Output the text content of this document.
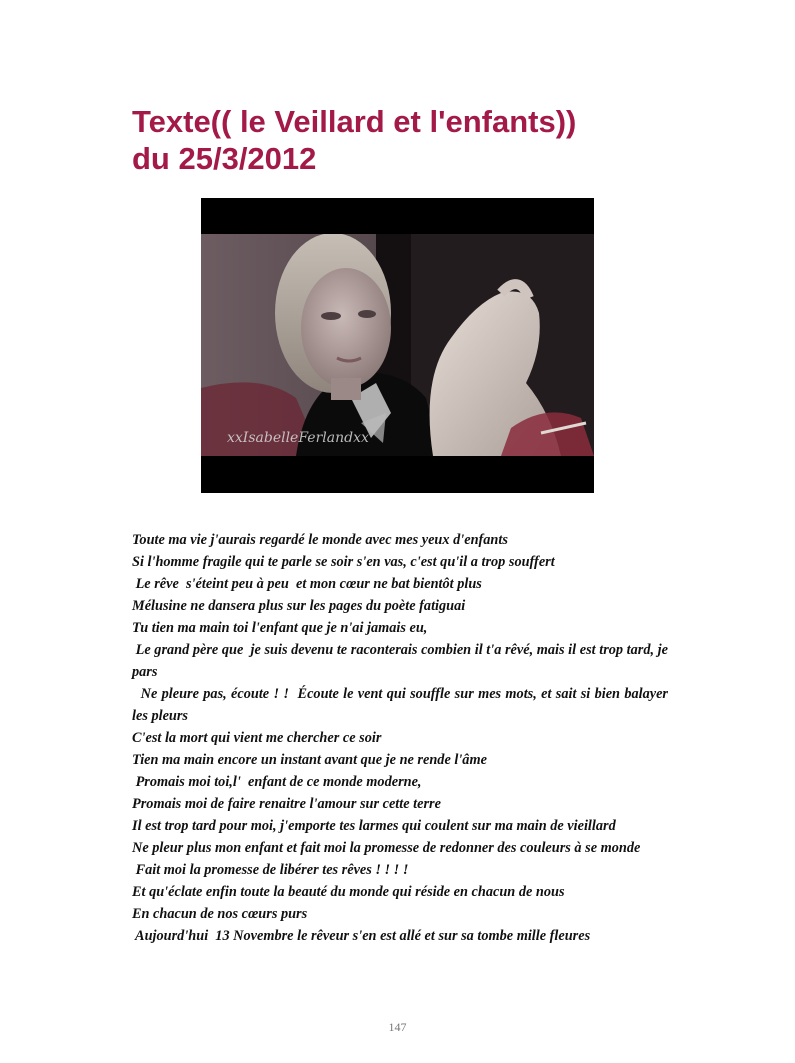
Texte(( le Veillard et l'enfants))
du 25/3/2012
xxIsabelleFerlandxx
Toute ma vie j'aurais regardé le monde avec mes yeux d'enfants
Si l'homme fragile qui te parle se soir s'en vas, c'est qu'il a trop souffert
Le rêve  s'éteint peu à peu  et mon cœur ne bat bientôt plus
Mélusine ne dansera plus sur les pages du poète fatiguai
Tu tien ma main toi l'enfant que je n'ai jamais eu,
Le grand père que  je suis devenu te raconterais combien il t'a rêvé, mais il est trop tard, je pars
Ne pleure pas, écoute ! !  Écoute le vent qui souffle sur mes mots, et sait si bien balayer les pleurs
C'est la mort qui vient me chercher ce soir
Tien ma main encore un instant avant que je ne rende l'âme
Promais moi toi,l'  enfant de ce monde moderne,
Promais moi de faire renaitre l'amour sur cette terre
Il est trop tard pour moi, j'emporte tes larmes qui coulent sur ma main de vieillard
Ne pleur plus mon enfant et fait moi la promesse de redonner des couleurs à se monde
Fait moi la promesse de libérer tes rêves ! ! ! !
Et qu'éclate enfin toute la beauté du monde qui réside en chacun de nous
En chacun de nos cœurs purs
Aujourd'hui  13 Novembre le rêveur s'en est allé et sur sa tombe mille fleures
147
